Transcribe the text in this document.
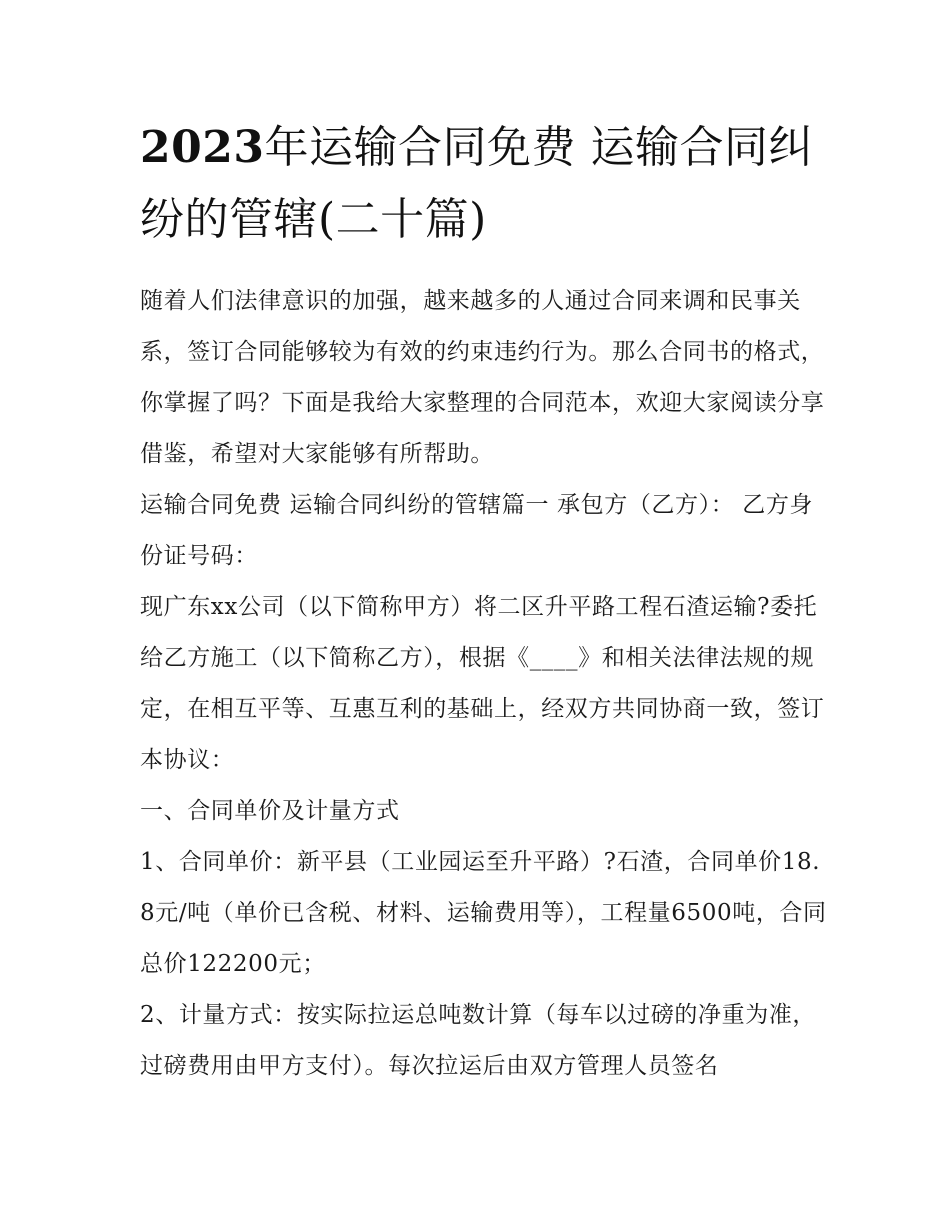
2023年运输合同免费 运输合同纠纷的管辖(二十篇)

随着人们法律意识的加强，越来越多的人通过合同来调和民事关系，签订合同能够较为有效的约束违约行为。那么合同书的格式，你掌握了吗？下面是我给大家整理的合同范本，欢迎大家阅读分享借鉴，希望对大家能够有所帮助。

运输合同免费 运输合同纠纷的管辖篇一 承包方（乙方）： 乙方身份证号码：

现广东xx公司（以下简称甲方）将二区升平路工程石渣运输?委托给乙方施工（以下简称乙方），根据《____》和相关法律法规的规定，在相互平等、互惠互利的基础上，经双方共同协商一致，签订本协议：

一、合同单价及计量方式

1、合同单价：新平县（工业园运至升平路）?石渣，合同单价18.8元/吨（单价已含税、材料、运输费用等），工程量6500吨，合同总价122200元；

2、计量方式：按实际拉运总吨数计算（每车以过磅的净重为准，过磅费用由甲方支付）。每次拉运后由双方管理人员签名
